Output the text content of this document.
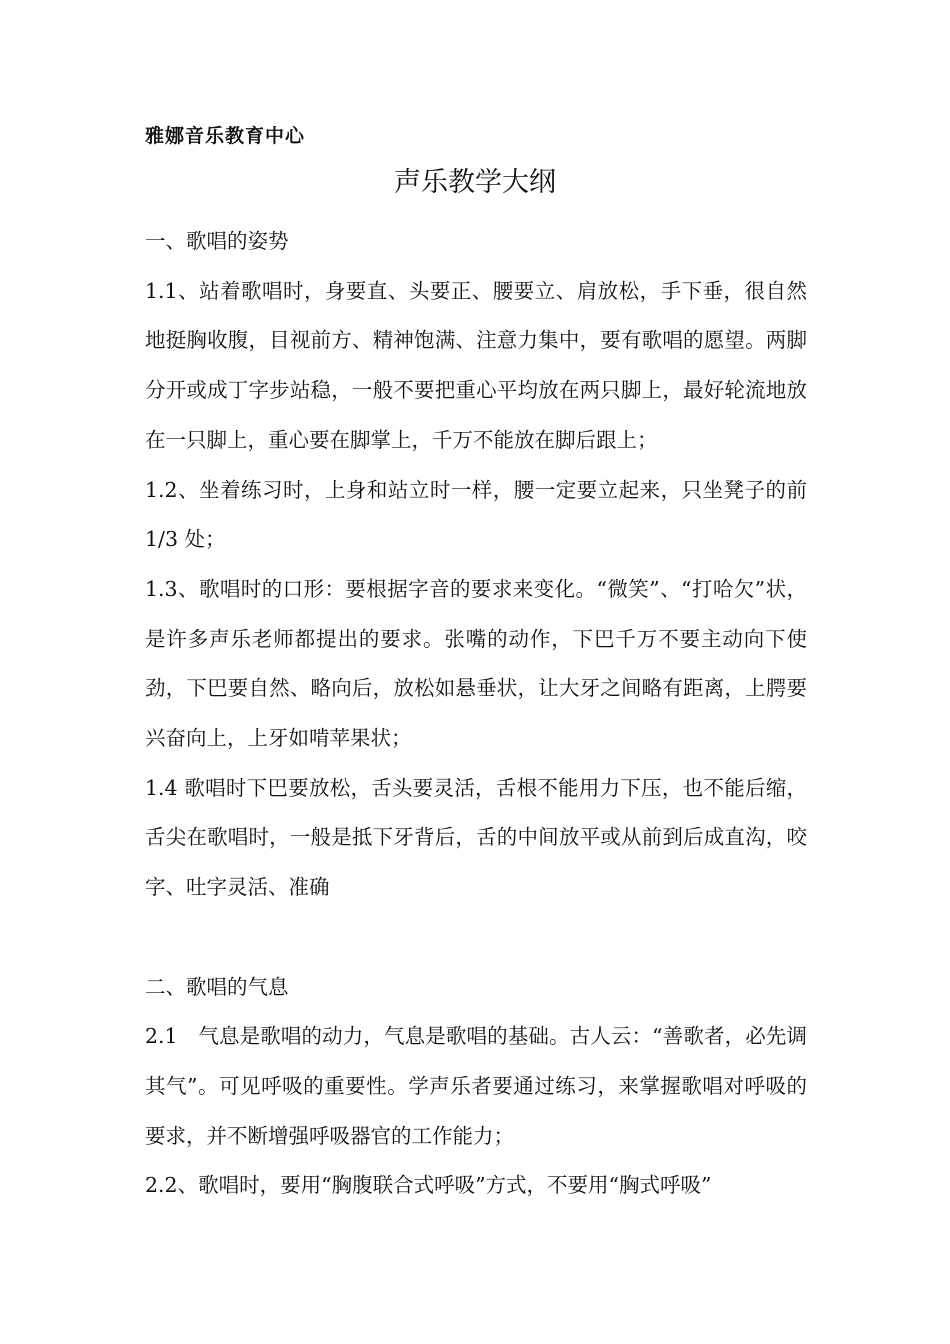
雅娜音乐教育中心
声乐教学大纲
一、歌唱的姿势

1.1、站着歌唱时，身要直、头要正、腰要立、肩放松，手下垂，很自然地挺胸收腹，目视前方、精神饱满、注意力集中，要有歌唱的愿望。两脚分开或成丁字步站稳，一般不要把重心平均放在两只脚上，最好轮流地放在一只脚上，重心要在脚掌上，千万不能放在脚后跟上；

1.2、坐着练习时，上身和站立时一样，腰一定要立起来，只坐凳子的前 1/3 处；

1.3、歌唱时的口形：要根据字音的要求来变化。“微笑”、“打哈欠”状，是许多声乐老师都提出的要求。张嘴的动作，下巴千万不要主动向下使劲，下巴要自然、略向后，放松如悬垂状，让大牙之间略有距离，上腭要兴奋向上，上牙如啃苹果状；

1.4 歌唱时下巴要放松，舌头要灵活，舌根不能用力下压，也不能后缩，舌尖在歌唱时，一般是抵下牙背后，舌的中间放平或从前到后成直沟，咬字、吐字灵活、准确

二、歌唱的气息

2.1　气息是歌唱的动力，气息是歌唱的基础。古人云：“善歌者，必先调其气”。可见呼吸的重要性。学声乐者要通过练习，来掌握歌唱对呼吸的要求，并不断增强呼吸器官的工作能力；

2.2、歌唱时，要用“胸腹联合式呼吸”方式，不要用“胸式呼吸”
